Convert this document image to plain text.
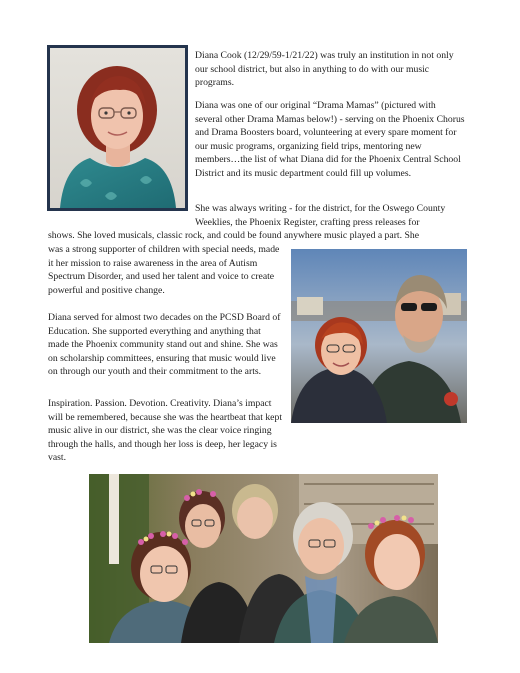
Diana Cook (12/29/59-1/21/22) was truly an institution in not only our school district, but also in anything to do with our music programs.

Diana was one of our original “Drama Mamas” (pictured with several other Drama Mamas below!) - serving on the Phoenix Chorus and Drama Boosters board, volunteering at every spare moment for our music programs, organizing field trips, mentoring new members…the list of what Diana did for the Phoenix Central School District and its music department could fill up volumes.

She was always writing - for the district, for the Oswego County Weeklies, the Phoenix Register, crafting press releases for

shows. She loved musicals, classic rock, and could be found anywhere music played a part. She

was a strong supporter of children with special needs, made it her mission to raise awareness in the area of Autism Spectrum Disorder, and used her talent and voice to create powerful and positive change.

Diana served for almost two decades on the PCSD Board of Education. She supported everything and anything that made the Phoenix community stand out and shine. She was on scholarship committees, ensuring that music would live on through our youth and their commitment to the arts.

Inspiration. Passion. Devotion. Creativity. Diana’s impact will be remembered, because she was the heartbeat that kept music alive in our district, she was the clear voice ringing through the halls, and though her loss is deep, her legacy is vast.
